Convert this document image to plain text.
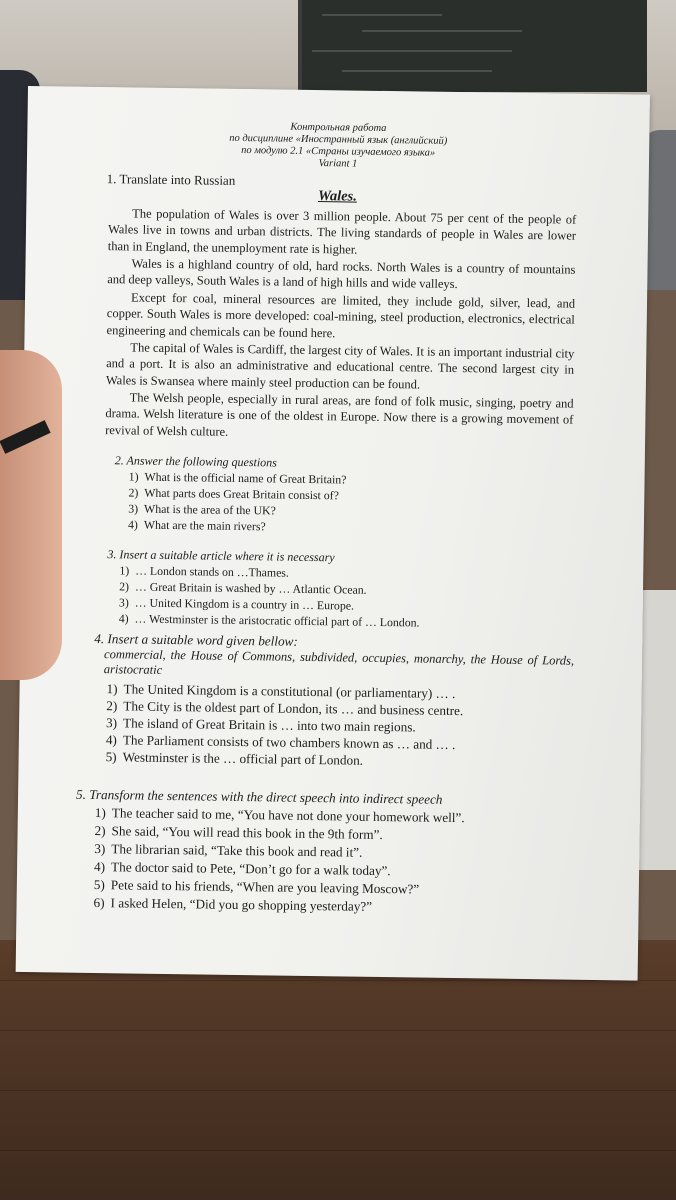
Контрольная работа
по дисциплине «Иностранный язык (английский)
по модулю 2.1 «Страны изучаемого языка»
Variant 1
1. Translate into Russian
Wales.
The population of Wales is over 3 million people. About 75 per cent of the people of Wales live in towns and urban districts. The living standards of people in Wales are lower than in England, the unemployment rate is higher.
Wales is a highland country of old, hard rocks. North Wales is a country of mountains and deep valleys, South Wales is a land of high hills and wide valleys.
Except for coal, mineral resources are limited, they include gold, silver, lead, and copper. South Wales is more developed: coal-mining, steel production, electronics, electrical engineering and chemicals can be found here.
The capital of Wales is Cardiff, the largest city of Wales. It is an important industrial city and a port. It is also an administrative and educational centre. The second largest city in Wales is Swansea where mainly steel production can be found.
The Welsh people, especially in rural areas, are fond of folk music, singing, poetry and drama. Welsh literature is one of the oldest in Europe. Now there is a growing movement of revival of Welsh culture.
2. Answer the following questions
1) What is the official name of Great Britain?
2) What parts does Great Britain consist of?
3) What is the area of the UK?
4) What are the main rivers?
3. Insert a suitable article where it is necessary
1) … London stands on …Thames.
2) … Great Britain is washed by … Atlantic Ocean.
3) … United Kingdom is a country in … Europe.
4) … Westminster is the aristocratic official part of … London.
4. Insert a suitable word given bellow:
commercial, the House of Commons, subdivided, occupies, monarchy, the House of Lords, aristocratic
1) The United Kingdom is a constitutional (or parliamentary) … .
2) The City is the oldest part of London, its … and business centre.
3) The island of Great Britain is … into two main regions.
4) The Parliament consists of two chambers known as … and … .
5) Westminster is the … official part of London.
5. Transform the sentences with the direct speech into indirect speech
1) The teacher said to me, “You have not done your homework well”.
2) She said, “You will read this book in the 9th form”.
3) The librarian said, “Take this book and read it”.
4) The doctor said to Pete, “Don’t go for a walk today”.
5) Pete said to his friends, “When are you leaving Moscow?”
6) I asked Helen, “Did you go shopping yesterday?”
